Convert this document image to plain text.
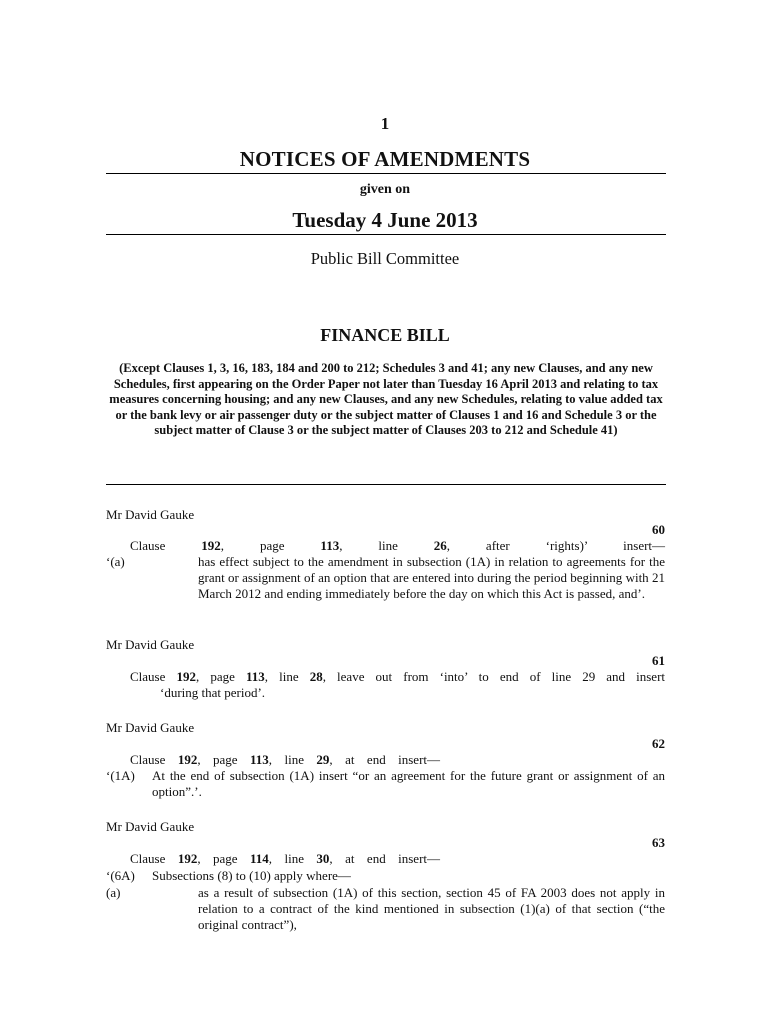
1
NOTICES OF AMENDMENTS
given on
Tuesday 4 June 2013
Public Bill Committee
FINANCE BILL
(Except Clauses 1, 3, 16, 183, 184 and 200 to 212; Schedules 3 and 41; any new Clauses, and any new Schedules, first appearing on the Order Paper not later than Tuesday 16 April 2013 and relating to tax measures concerning housing; and any new Clauses, and any new Schedules, relating to value added tax or the bank levy or air passenger duty or the subject matter of Clauses 1 and 16 and Schedule 3 or the subject matter of Clause 3 or the subject matter of Clauses 203 to 212 and Schedule 41)
Mr David Gauke
60
Clause	192, page	113, line	26, after ‘rights)’ insert—
‘(a)	has effect subject to the amendment in subsection (1A) in relation to agreements for the grant or assignment of an option that are entered into during the period beginning with 21 March 2012 and ending immediately before the day on which this Act is passed, and’.
Mr David Gauke
61
Clause 192, page 113, line 28, leave out from ‘into’ to end of line 29 and insert
‘during that period’.
Mr David Gauke
62
Clause 192, page 113, line 29, at end insert—
‘(1A) At the end of subsection (1A) insert “or an agreement for the future grant or assignment of an option”.’.
Mr David Gauke
63
Clause 192, page 114, line 30, at end insert—
‘(6A) Subsections (8) to (10) apply where—
(a)	as a result of subsection (1A) of this section, section 45 of FA 2003 does not apply in relation to a contract of the kind mentioned in subsection (1)(a) of that section (“the original contract”),
